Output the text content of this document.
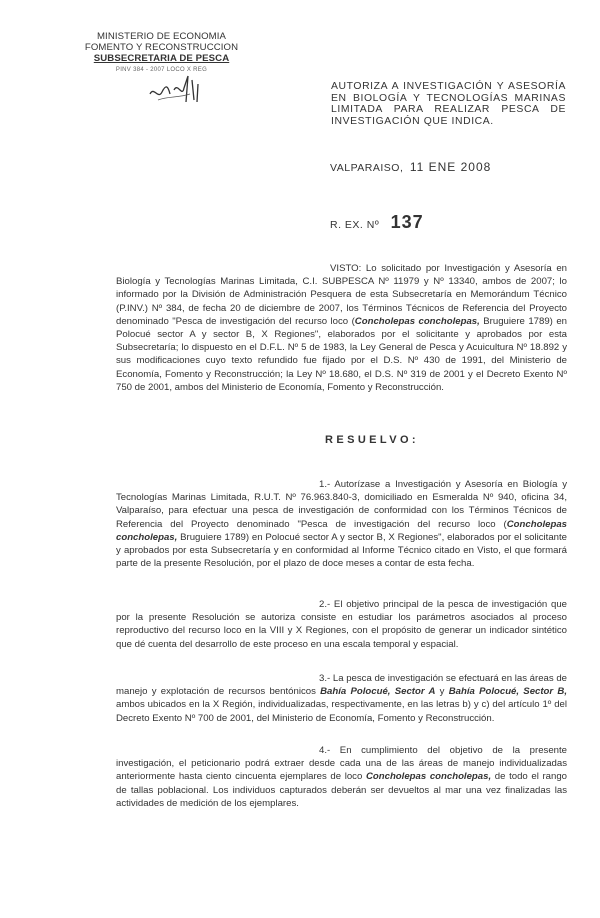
MINISTERIO DE ECONOMIA
FOMENTO Y RECONSTRUCCION
SUBSECRETARIA DE PESCA
PINV 384 - 2007 LOCO X REG
AUTORIZA A INVESTIGACIÓN Y ASESORÍA EN BIOLOGÍA Y TECNOLOGÍAS MARINAS LIMITADA PARA REALIZAR PESCA DE INVESTIGACIÓN QUE INDICA.
VALPARAISO, 11 ENE 2008
R. EX. Nº 137

VISTO: Lo solicitado por Investigación y Asesoría en Biología y Tecnologías Marinas Limitada, C.I. SUBPESCA Nº 11979 y Nº 13340, ambos de 2007; lo informado por la División de Administración Pesquera de esta Subsecretaría en Memorándum Técnico (P.INV.) Nº 384, de fecha 20 de diciembre de 2007, los Términos Técnicos de Referencia del Proyecto denominado "Pesca de investigación del recurso loco (Concholepas concholepas, Bruguiere 1789) en Polocué sector A y sector B, X Regiones", elaborados por el solicitante y aprobados por esta Subsecretaría; lo dispuesto en el D.F.L. Nº 5 de 1983, la Ley General de Pesca y Acuicultura Nº 18.892 y sus modificaciones cuyo texto refundido fue fijado por el D.S. Nº 430 de 1991, del Ministerio de Economía, Fomento y Reconstrucción; la Ley Nº 18.680, el D.S. Nº 319 de 2001 y el Decreto Exento Nº 750 de 2001, ambos del Ministerio de Economía, Fomento y Reconstrucción.

RESUELVO:

1.- Autorízase a Investigación y Asesoría en Biología y Tecnologías Marinas Limitada, R.U.T. Nº 76.963.840-3, domiciliado en Esmeralda Nº 940, oficina 34, Valparaíso, para efectuar una pesca de investigación de conformidad con los Términos Técnicos de Referencia del Proyecto denominado "Pesca de investigación del recurso loco (Concholepas concholepas, Bruguiere 1789) en Polocué sector A y sector B, X Regiones", elaborados por el solicitante y aprobados por esta Subsecretaría y en conformidad al Informe Técnico citado en Visto, el que formará parte de la presente Resolución, por el plazo de doce meses a contar de esta fecha.

2.- El objetivo principal de la pesca de investigación que por la presente Resolución se autoriza consiste en estudiar los parámetros asociados al proceso reproductivo del recurso loco en la VIII y X Regiones, con el propósito de generar un indicador sintético que dé cuenta del desarrollo de este proceso en una escala temporal y espacial.

3.- La pesca de investigación se efectuará en las áreas de manejo y explotación de recursos bentónicos Bahía Polocué, Sector A y Bahía Polocué, Sector B, ambos ubicados en la X Región, individualizadas, respectivamente, en las letras b) y c) del artículo 1º del Decreto Exento Nº 700 de 2001, del Ministerio de Economía, Fomento y Reconstrucción.

4.- En cumplimiento del objetivo de la presente investigación, el peticionario podrá extraer desde cada una de las áreas de manejo individualizadas anteriormente hasta ciento cincuenta ejemplares de loco Concholepas concholepas, de todo el rango de tallas poblacional. Los individuos capturados deberán ser devueltos al mar una vez finalizadas las actividades de medición de los ejemplares.
